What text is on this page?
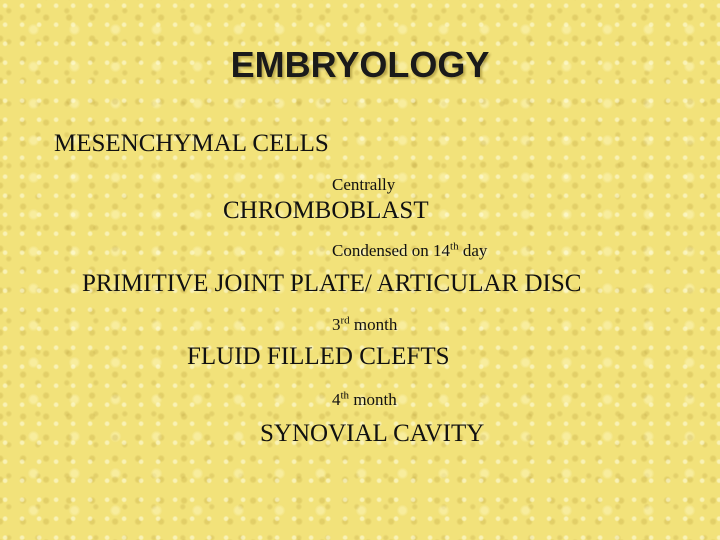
EMBRYOLOGY
MESENCHYMAL CELLS
Centrally
CHROMBOBLAST
Condensed on 14th day
PRIMITIVE JOINT PLATE/ ARTICULAR DISC
3rd month
FLUID FILLED CLEFTS
4th month
SYNOVIAL CAVITY
